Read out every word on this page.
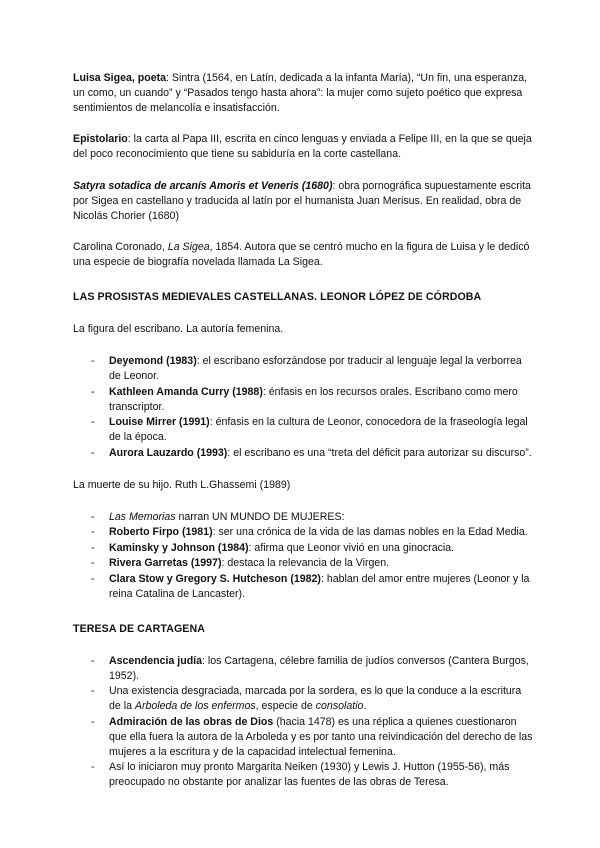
Luisa Sigea, poeta: Sintra (1564, en Latín, dedicada a la infanta María), “Un fin, una esperanza, un como, un cuando” y “Pasados tengo hasta ahora”: la mujer como sujeto poético que expresa sentimientos de melancolía e insatisfacción.

Epistolario: la carta al Papa III, escrita en cinco lenguas y enviada a Felipe III, en la que se queja del poco reconocimiento que tiene su sabiduría en la corte castellana.

Satyra sotadica de arcanís Amoris et Veneris (1680): obra pornográfica supuestamente escrita por Sigea en castellano y traducida al latín por el humanista Juan Merisus. En realidad, obra de Nicolás Chorier (1680)

Carolina Coronado, La Sigea, 1854. Autora que se centró mucho en la figura de Luisa y le dedicó una especie de biografía novelada llamada La Sigea.

LAS PROSISTAS MEDIEVALES CASTELLANAS. LEONOR LÓPEZ DE CÓRDOBA

La figura del escribano. La autoría femenina.

- Deyemond (1983): el escribano esforzándose por traducir al lenguaje legal la verborrea de Leonor.
- Kathleen Amanda Curry (1988): énfasis en los recursos orales. Escribano como mero transcriptor.
- Louise Mirrer (1991): énfasis en la cultura de Leonor, conocedora de la fraseología legal de la época.
- Aurora Lauzardo (1993): el escribano es una “treta del déficit para autorizar su discurso”.

La muerte de su hijo. Ruth L.Ghassemi (1989)

- Las Memorias narran UN MUNDO DE MUJERES:
- Roberto Firpo (1981): ser una crónica de la vida de las damas nobles en la Edad Media.
- Kaminsky y Johnson (1984): afirma que Leonor vivió en una ginocracia.
- Rivera Garretas (1997): destaca la relevancia de la Virgen.
- Clara Stow y Gregory S. Hutcheson (1982): hablan del amor entre mujeres (Leonor y la reina Catalina de Lancaster).
TERESA DE CARTAGENA
- Ascendencia judía: los Cartagena, célebre familia de judíos conversos (Cantera Burgos, 1952).
- Una existencia desgraciada, marcada por la sordera, es lo que la conduce a la escritura de la Arboleda de los enfermos, especie de consolatio.
- Admiración de las obras de Dios (hacia 1478) es una réplica a quienes cuestionaron que ella fuera la autora de la Arboleda y es por tanto una reivindicación del derecho de las mujeres a la escritura y de la capacidad intelectual femenina.
- Así lo iniciaron muy pronto Margarita Neiken (1930) y Lewis J. Hutton (1955-56), más preocupado no obstante por analizar las fuentes de las obras de Teresa.
